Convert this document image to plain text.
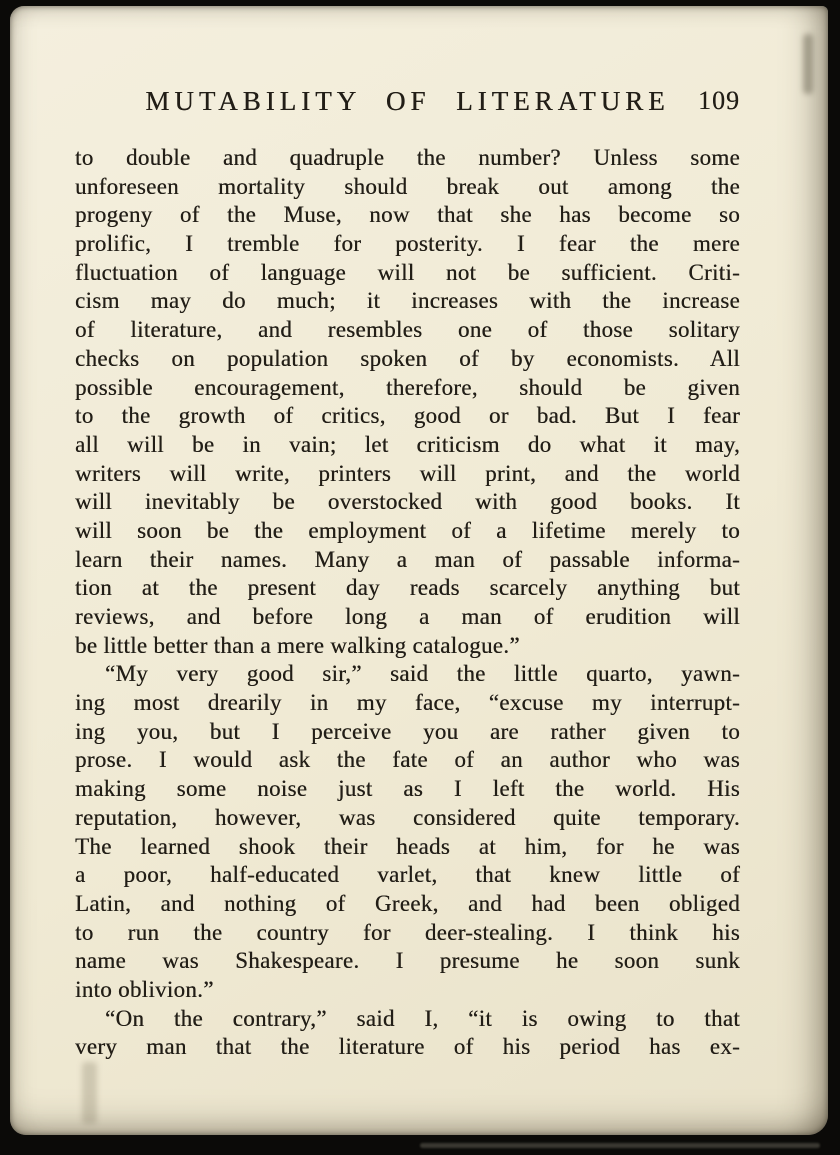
MUTABILITY OF LITERATURE 109
to double and quadruple the number? Unless some
unforeseen mortality should break out among the
progeny of the Muse, now that she has become so
prolific, I tremble for posterity. I fear the mere
fluctuation of language will not be sufficient. Criti-
cism may do much; it increases with the increase
of literature, and resembles one of those solitary
checks on population spoken of by economists. All
possible encouragement, therefore, should be given
to the growth of critics, good or bad. But I fear
all will be in vain; let criticism do what it may,
writers will write, printers will print, and the world
will inevitably be overstocked with good books. It
will soon be the employment of a lifetime merely to
learn their names. Many a man of passable informa-
tion at the present day reads scarcely anything but
reviews, and before long a man of erudition will
be little better than a mere walking catalogue.”
“My very good sir,” said the little quarto, yawn-
ing most drearily in my face, “excuse my interrupt-
ing you, but I perceive you are rather given to
prose. I would ask the fate of an author who was
making some noise just as I left the world. His
reputation, however, was considered quite temporary.
The learned shook their heads at him, for he was
a poor, half-educated varlet, that knew little of
Latin, and nothing of Greek, and had been obliged
to run the country for deer-stealing. I think his
name was Shakespeare. I presume he soon sunk
into oblivion.”
“On the contrary,” said I, “it is owing to that
very man that the literature of his period has ex-
